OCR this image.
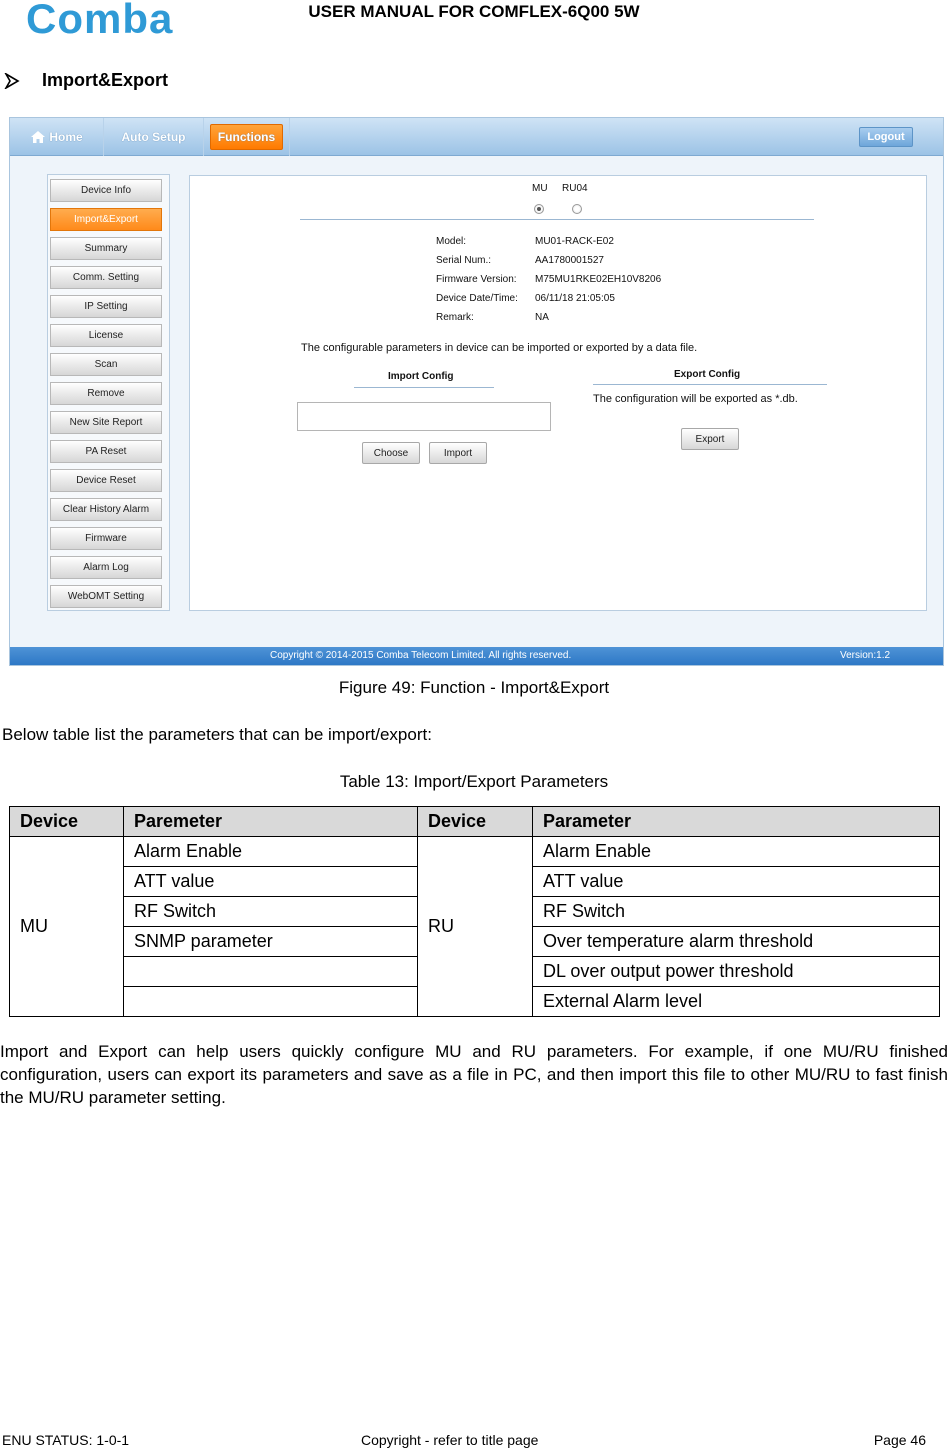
Comba	USER MANUAL FOR COMFLEX-6Q00 5W
Import&Export
Home	Auto Setup	Functions	Logout
Device Info
Import&Export
Summary
Comm. Setting
IP Setting
License
Scan
Remove
New Site Report
PA Reset
Device Reset
Clear History Alarm
Firmware
Alarm Log
WebOMT Setting
MU RU04
Model:	MU01-RACK-E02
Serial Num.:	AA1780001527
Firmware Version: M75MU1RKE02EH10V8206
Device Date/Time: 06/11/18 21:05:05
Remark:	NA
The configurable parameters in device can be imported or exported by a data file.
Import Config
Choose	Import
Export Config
The configuration will be exported as *.db.
Export
Copyright © 2014-2015 Comba Telecom Limited. All rights reserved.	Version:1.2
Figure 49: Function - Import&Export
Below table list the parameters that can be import/export:
Table 13: Import/Export Parameters
Device	Paremeter	Device	Parameter
MU	Alarm Enable	RU	Alarm Enable
	ATT value		ATT value
	RF Switch		RF Switch
	SNMP parameter		Over temperature alarm threshold
			DL over output power threshold
			External Alarm level
Import and Export can help users quickly configure MU and RU parameters. For example, if one MU/RU finished configuration, users can export its parameters and save as a file in PC, and then import this file to other MU/RU to fast finish the MU/RU parameter setting.
ENU STATUS: 1-0-1	Copyright - refer to title page	Page 46
